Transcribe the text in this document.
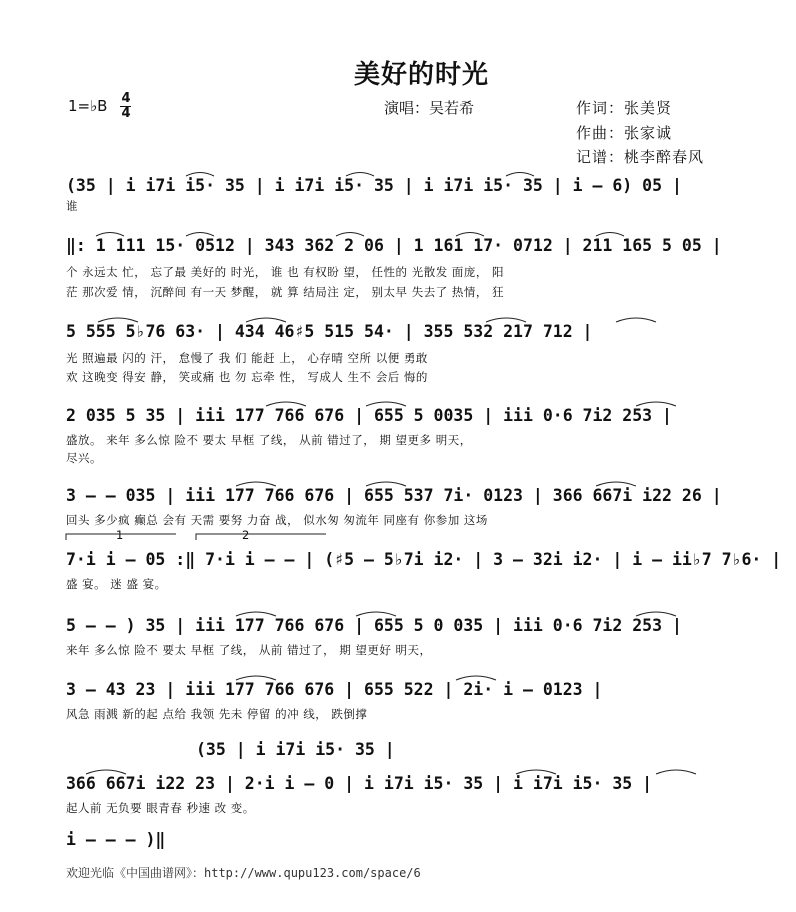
美好的时光
1=♭B 4
4	演唱：吴若希	作词：张美贤
作曲：张家诚
记谱：桃李醉春风
(35 | i i7i i5· 35 | i i7i i5· 35 | i i7i i5· 35 | i – 6) 05 |
谁
‖: 1 111 15· 0512 | 343 362 2 06 | 1 161 17· 0712 | 211 165 5 05 |
个 永远太 忙， 忘了最 美好的 时光， 谁 也 有权盼 望， 任性的 光散发 面庞， 阳
茫 那次爱 情， 沉醉间 有一天 梦醒， 就 算 结局注 定， 别太早 失去了 热情， 狂
5 555 5♭76 63· | 434 46♯5 515 54· | 355 532 217 712 |
光 照遍最 闪的 汗， 怠慢了 我 们 能赶 上， 心存晴 空所 以便 勇敢
欢 这晚变 得安 静， 笑或痛 也 勿 忘牵 性， 写成人 生不 会后 悔的
2 035 5 35 | iii 177 766 676 | 655 5 0035 | iii 0·6 7i2 253 |
盛放。 来年 多么惊 险不 要太 早框 了线， 从前 错过了， 期 望更多 明天，
尽兴。
3 – – 035 | iii 177 766 676 | 655 537 7i· 0123 | 366 667i i22 26 |
回头 多少疯 癫总 会有 天需 要努 力奋 战， 似水匆 匆流年 同座有 你参加 这场
1	2
7·i i – 05 :‖ 7·i i – – | (♯5 – 5♭7i i2· | 3 – 32i i2· | i – ii♭7 7♭6· |
盛 宴。 迷 盛 宴。
5 – – ) 35 | iii 177 766 676 | 655 5 0 035 | iii 0·6 7i2 253 |
来年 多么惊 险不 要太 早框 了线， 从前 错过了， 期 望更好 明天，
3 – 43 23 | iii 177 766 676 | 655 522 | 2i· i – 0123 |
风急 雨溅 新的起 点给 我领 先未 停留 的冲 线， 跌倒撑
(35 | i i7i i5· 35 |
366 667i i22 23 | 2·i i – 0 | i i7i i5· 35 | i i7i i5· 35 |
起人前 无负要 眼青春 秒速 改 变。
i – – – )‖
欢迎光临《中国曲谱网》：http://www.qupu123.com/space/6
